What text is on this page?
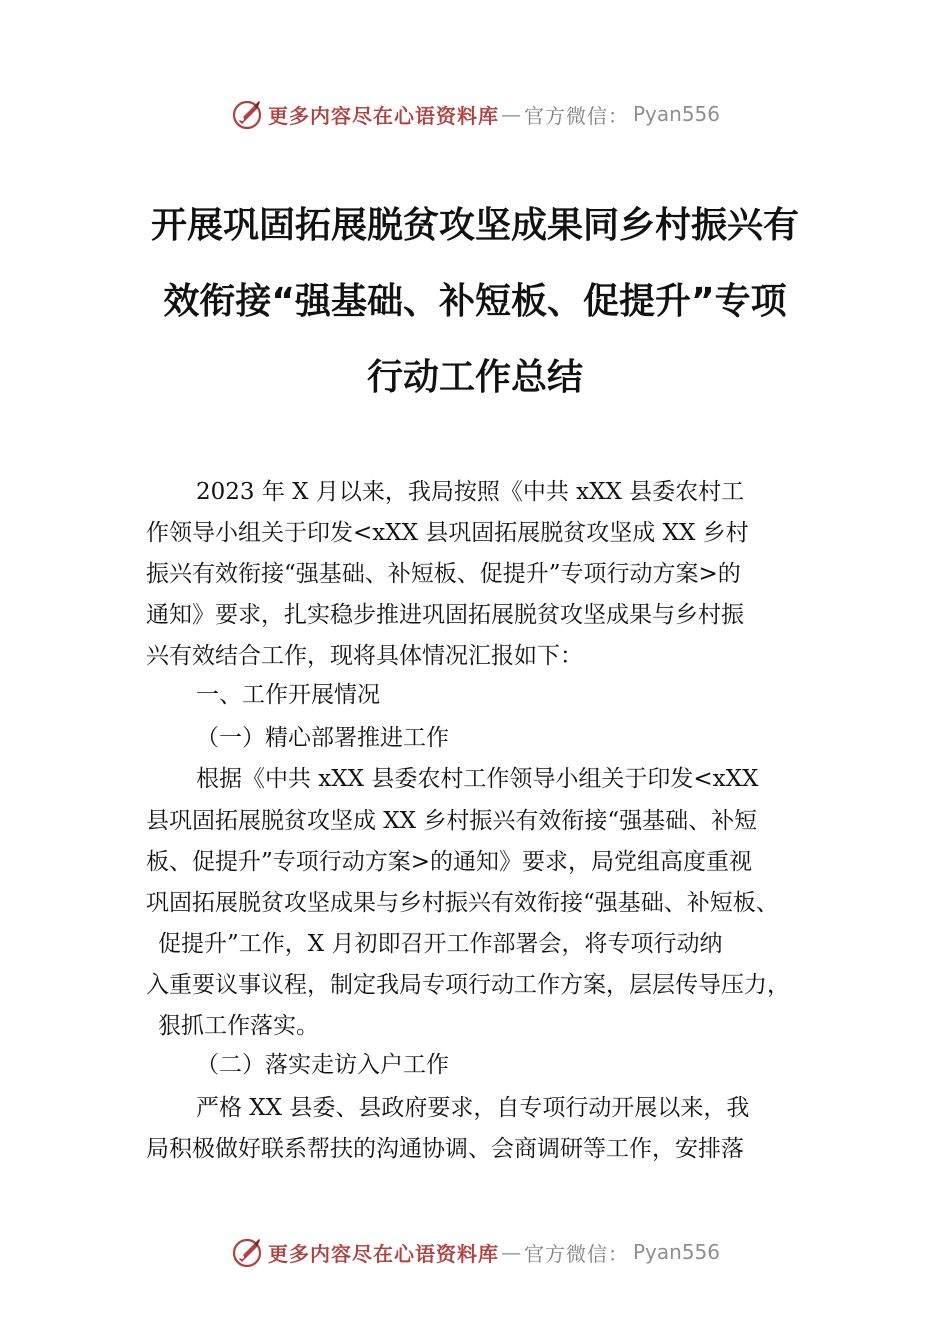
更多内容尽在心语资料库 — 官方微信： Pyan556
开展巩固拓展脱贫攻坚成果同乡村振兴有
效衔接“强基础、补短板、促提升”专项
行动工作总结
2023 年 X 月以来，我局按照《中共 xXX 县委农村工
作领导小组关于印发<xXX 县巩固拓展脱贫攻坚成 XX 乡村
振兴有效衔接“强基础、补短板、促提升”专项行动方案>的
通知》要求，扎实稳步推进巩固拓展脱贫攻坚成果与乡村振
兴有效结合工作，现将具体情况汇报如下：
一、工作开展情况
（一）精心部署推进工作
根据《中共 xXX 县委农村工作领导小组关于印发<xXX
县巩固拓展脱贫攻坚成 XX 乡村振兴有效衔接“强基础、补短
板、促提升”专项行动方案>的通知》要求，局党组高度重视
巩固拓展脱贫攻坚成果与乡村振兴有效衔接“强基础、补短板、
促提升”工作，X 月初即召开工作部署会，将专项行动纳
入重要议事议程，制定我局专项行动工作方案，层层传导压力，
狠抓工作落实。
（二）落实走访入户工作
严格 XX 县委、县政府要求，自专项行动开展以来，我
局积极做好联系帮扶的沟通协调、会商调研等工作，安排落
更多内容尽在心语资料库 — 官方微信： Pyan556
